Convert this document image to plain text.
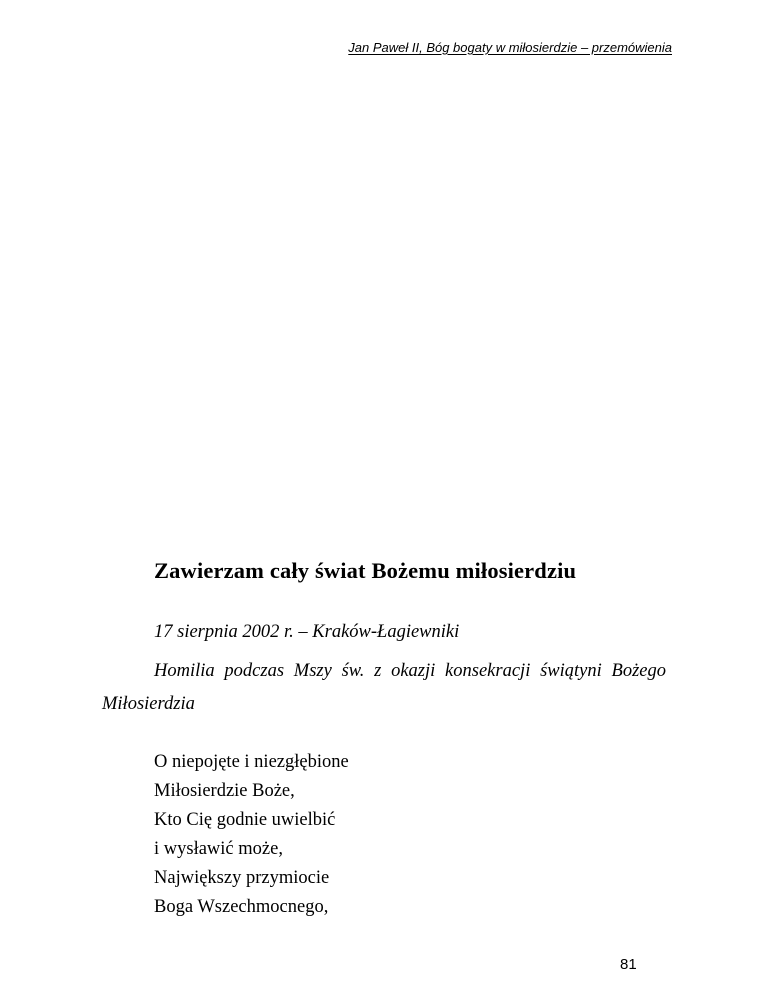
Jan Paweł II, Bóg bogaty w miłosierdzie – przemówienia
Zawierzam cały świat Bożemu miłosierdziu

17 sierpnia 2002 r. – Kraków-Łagiewniki

Homilia podczas Mszy św. z okazji konsekracji świątyni Bożego Miłosierdzia

O niepojęte i niezgłębione
Miłosierdzie Boże,
Kto Cię godnie uwielbić
i wysławić może,
Największy przymiocie
Boga Wszechmocnego,
81
